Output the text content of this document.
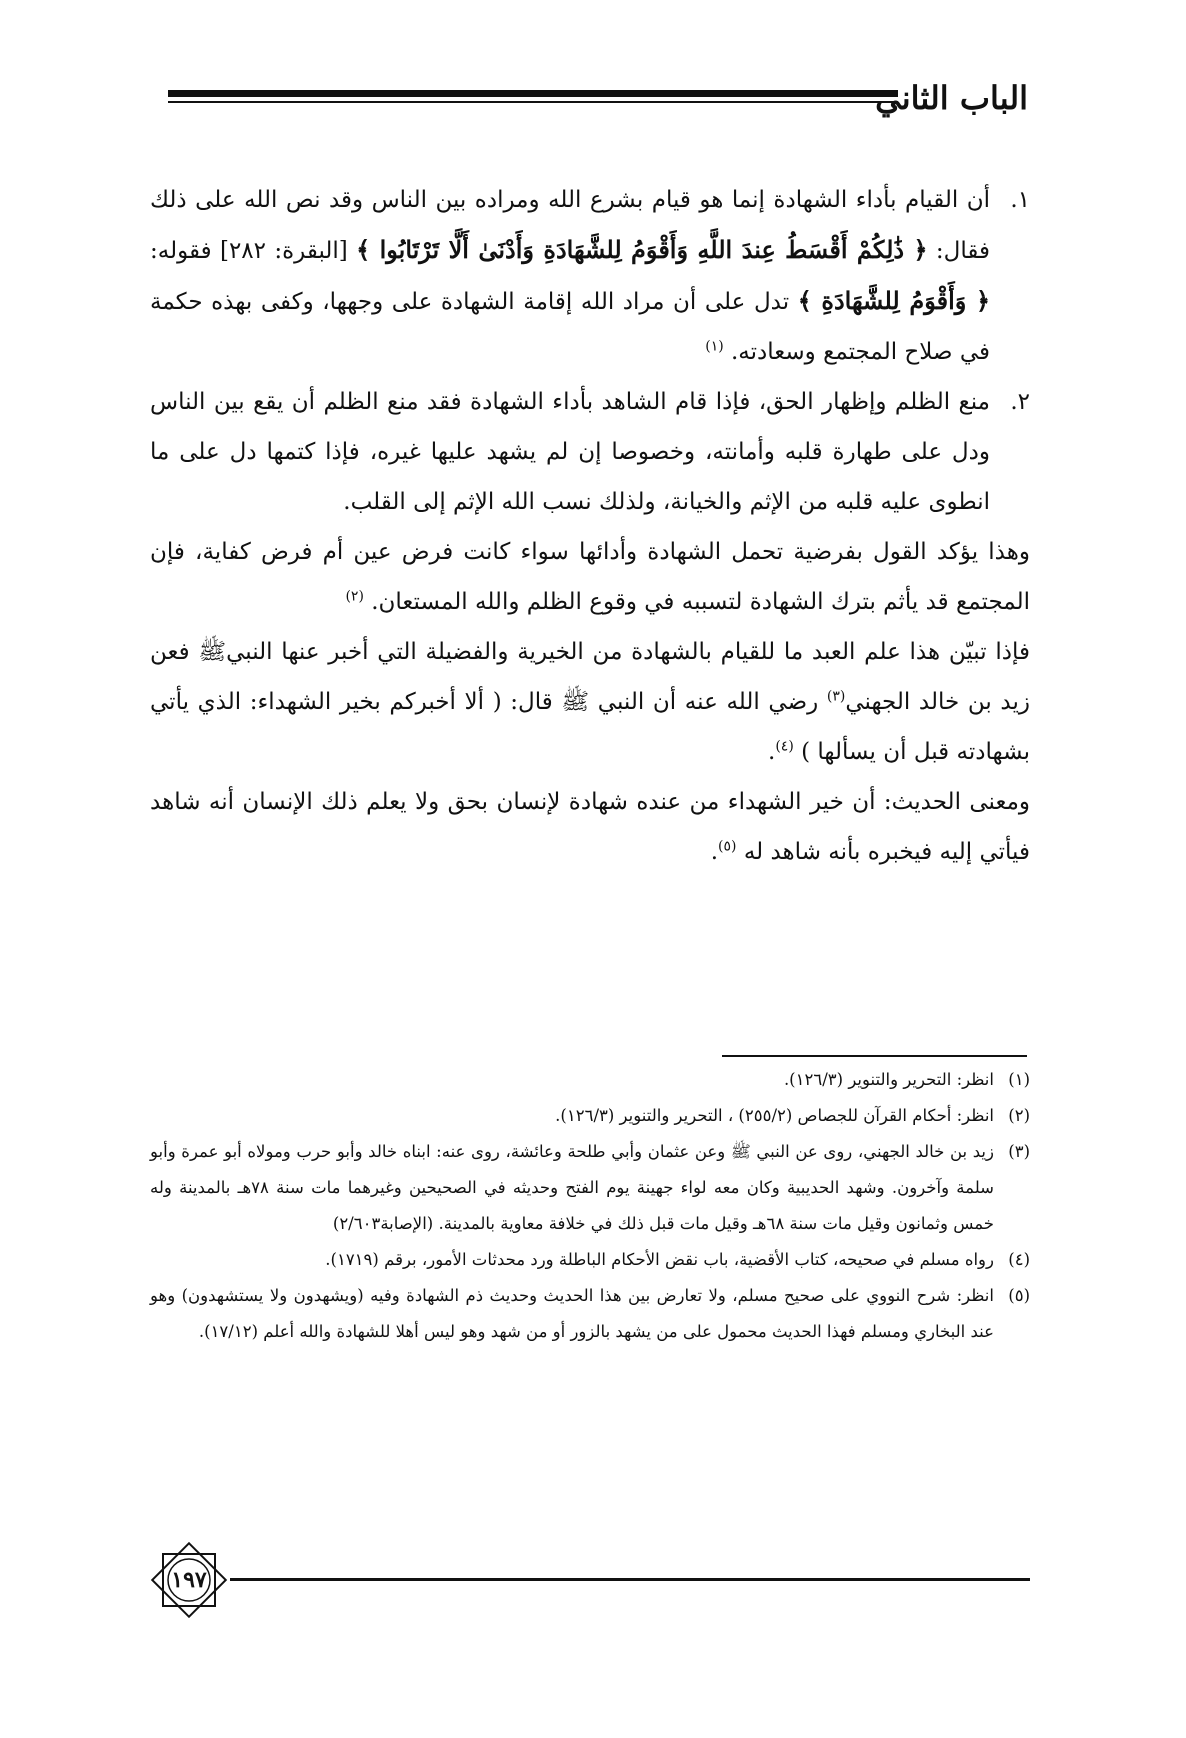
الباب الثاني
١.

أن القيام بأداء الشهادة إنما هو قيام بشرع الله ومراده بين الناس وقد نص الله على ذلك فقال: ﴿ ذَٰلِكُمْ أَقْسَطُ عِندَ اللَّهِ وَأَقْوَمُ لِلشَّهَادَةِ وَأَدْنَىٰ أَلَّا تَرْتَابُوا ﴾ [البقرة: ٢٨٢] فقوله: ﴿ وَأَقْوَمُ لِلشَّهَادَةِ ﴾ تدل على أن مراد الله إقامة الشهادة على وجهها، وكفى بهذه حكمة في صلاح المجتمع وسعادته. $^{(١)}$

٢.

منع الظلم وإظهار الحق، فإذا قام الشاهد بأداء الشهادة فقد منع الظلم أن يقع بين الناس ودل على طهارة قلبه وأمانته، وخصوصا إن لم يشهد عليها غيره، فإذا كتمها دل على ما انطوى عليه قلبه من الإثم والخيانة، ولذلك نسب الله الإثم إلى القلب.

وهذا يؤكد القول بفرضية تحمل الشهادة وأدائها سواء كانت فرض عين أم فرض كفاية، فإن المجتمع قد يأثم بترك الشهادة لتسببه في وقوع الظلم والله المستعان. $^{(٢)}$

فإذا تبيّن هذا علم العبد ما للقيام بالشهادة من الخيرية والفضيلة التي أخبر عنها النبيﷺ فعن زيد بن خالد الجهني$^{(٣)}$ رضي الله عنه أن النبي ﷺ قال: ( ألا أخبركم بخير الشهداء: الذي يأتي بشهادته قبل أن يسألها ) $^{(٤)}$.

ومعنى الحديث: أن خير الشهداء من عنده شهادة لإنسان بحق ولا يعلم ذلك الإنسان أنه شاهد فيأتي إليه فيخبره بأنه شاهد له $^{(٥)}$.

(١)

انظر: التحرير والتنوير (١٢٦/٣).

(٢)

انظر: أحكام القرآن للجصاص (٢٥٥/٢) ، التحرير والتنوير (١٢٦/٣).

(٣)

زيد بن خالد الجهني، روى عن النبي ﷺ وعن عثمان وأبي طلحة وعائشة، روى عنه: ابناه خالد وأبو حرب ومولاه أبو عمرة وأبو سلمة وآخرون. وشهد الحديبية وكان معه لواء جهينة يوم الفتح وحديثه في الصحيحين وغيرهما مات سنة ٧٨هـ بالمدينة وله خمس وثمانون وقيل مات سنة ٦٨هـ وقيل مات قبل ذلك في خلافة معاوية بالمدينة. (الإصابة٢/٦٠٣)

(٤)

رواه مسلم في صحيحه، كتاب الأقضية، باب نقض الأحكام الباطلة ورد محدثات الأمور، برقم (١٧١٩).

(٥)

انظر: شرح النووي على صحيح مسلم، ولا تعارض بين هذا الحديث وحديث ذم الشهادة وفيه (ويشهدون ولا يستشهدون) وهو عند البخاري ومسلم فهذا الحديث محمول على من يشهد بالزور أو من شهد وهو ليس أهلا للشهادة والله أعلم (١٧/١٢).

١٩٧
